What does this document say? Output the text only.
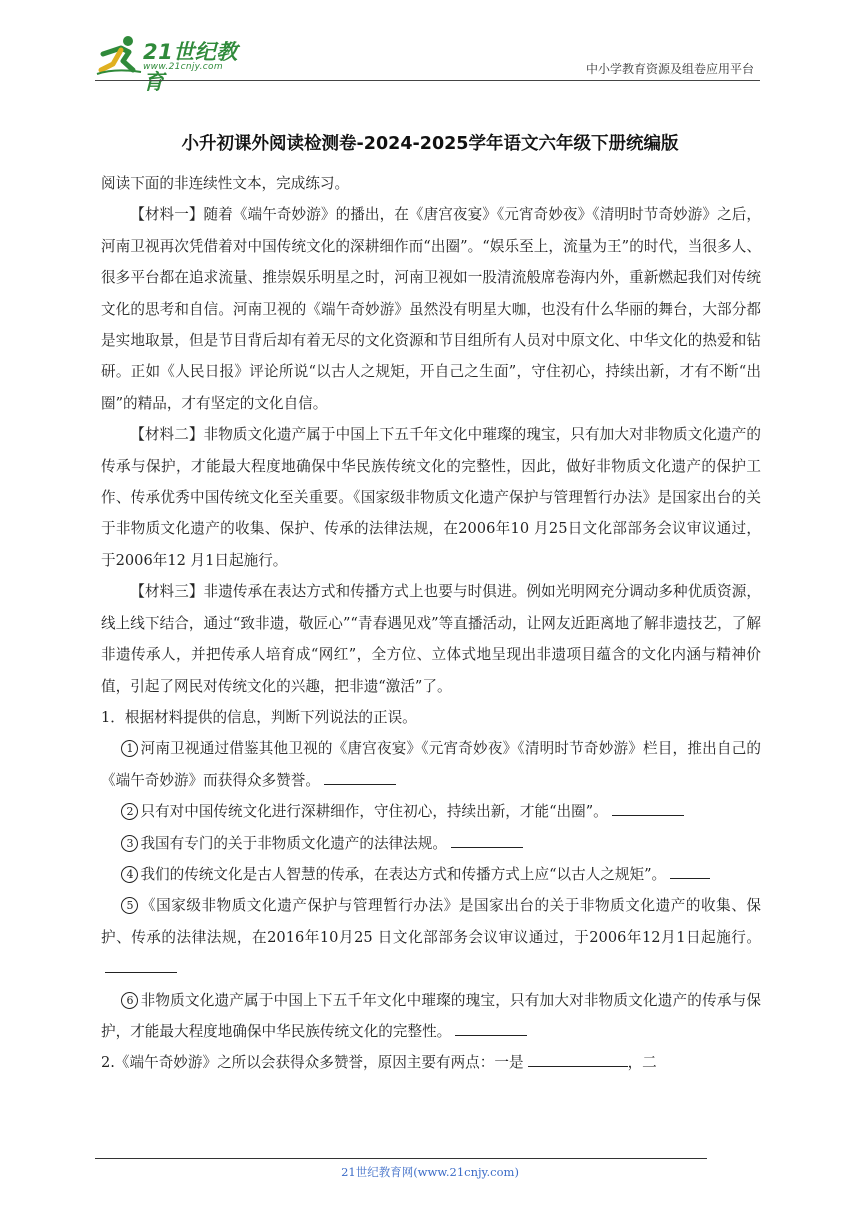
21世纪教育
www.21cnjy.com	中小学教育资源及组卷应用平台
小升初课外阅读检测卷-2024-2025学年语文六年级下册统编版

阅读下面的非连续性文本，完成练习。

【材料一】随着《端午奇妙游》的播出，在《唐宫夜宴》《元宵奇妙夜》《清明时节奇妙游》之后，河南卫视再次凭借着对中国传统文化的深耕细作而“出圈”。“娱乐至上，流量为王”的时代，当很多人、很多平台都在追求流量、推崇娱乐明星之时，河南卫视如一股清流般席卷海内外，重新燃起我们对传统文化的思考和自信。河南卫视的《端午奇妙游》虽然没有明星大咖，也没有什么华丽的舞台，大部分都是实地取景，但是节目背后却有着无尽的文化资源和节目组所有人员对中原文化、中华文化的热爱和钻研。正如《人民日报》评论所说“以古人之规矩，开自己之生面”，守住初心，持续出新，才有不断“出圈”的精品，才有坚定的文化自信。

【材料二】非物质文化遗产属于中国上下五千年文化中璀璨的瑰宝，只有加大对非物质文化遗产的传承与保护，才能最大程度地确保中华民族传统文化的完整性，因此，做好非物质文化遗产的保护工作、传承优秀中国传统文化至关重要。《国家级非物质文化遗产保护与管理暂行办法》是国家出台的关于非物质文化遗产的收集、保护、传承的法律法规，在2006年10 月25日文化部部务会议审议通过，于2006年12 月1日起施行。

【材料三】非遗传承在表达方式和传播方式上也要与时俱进。例如光明网充分调动多种优质资源，线上线下结合，通过“致非遗，敬匠心”“青春遇见戏”等直播活动，让网友近距离地了解非遗技艺，了解非遗传承人，并把传承人培育成“网红”，全方位、立体式地呈现出非遗项目蕴含的文化内涵与精神价值，引起了网民对传统文化的兴趣，把非遗“激活”了。

1．根据材料提供的信息，判断下列说法的正误。

1 河南卫视通过借鉴其他卫视的《唐宫夜宴》《元宵奇妙夜》《清明时节奇妙游》栏目，推出自己的《端午奇妙游》而获得众多赞誉。

2 只有对中国传统文化进行深耕细作，守住初心，持续出新，才能“出圈”。

3 我国有专门的关于非物质文化遗产的法律法规。

4 我们的传统文化是古人智慧的传承，在表达方式和传播方式上应“以古人之规矩”。

5 《国家级非物质文化遗产保护与管理暂行办法》是国家出台的关于非物质文化遗产的收集、保护、传承的法律法规，在2016年10月25 日文化部部务会议审议通过，于2006年12月1日起施行。

6 非物质文化遗产属于中国上下五千年文化中璀璨的瑰宝，只有加大对非物质文化遗产的传承与保护，才能最大程度地确保中华民族传统文化的完整性。

2.《端午奇妙游》之所以会获得众多赞誉，原因主要有两点：一是	，二

21世纪教育网(www.21cnjy.com)
